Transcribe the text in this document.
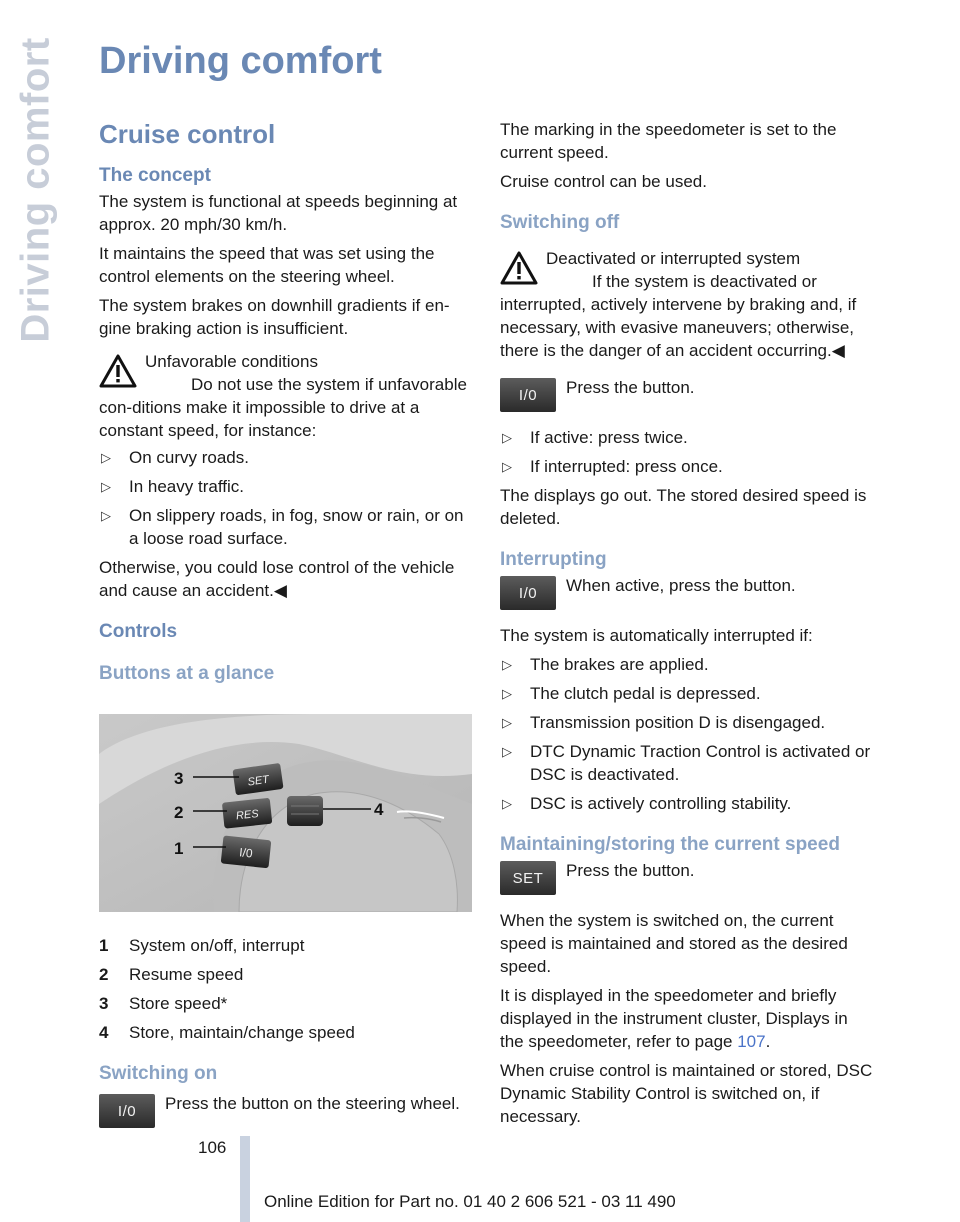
Driving comfort Driving comfort
Cruise control
The concept

The system is functional at speeds beginning at approx. 20 mph/30 km/h.

It maintains the speed that was set using the control elements on the steering wheel.

The system brakes on downhill gradients if en‐gine braking action is insufficient.

Unfavorable conditions
Do not use the system if unfavorable con‐ditions make it impossible to drive at a constant speed, for instance:
▷ On curvy roads.
▷ In heavy traffic.
▷ On slippery roads, in fog, snow or rain, or on a loose road surface.

Otherwise, you could lose control of the vehicle and cause an accident.◀

Controls
Buttons at a glance
SET
RES
I/0
3
2
1
4
1 System on/off, interrupt
2 Resume speed
3 Store speed*
4 Store, maintain/change speed
Switching on
I/0	Press the button on the steering wheel.

The marking in the speedometer is set to the current speed.

Cruise control can be used.

Switching off
Deactivated or interrupted system
If the system is deactivated or interrupted, actively intervene by braking and, if necessary, with evasive maneuvers; otherwise, there is the danger of an accident occurring.◀
I/0	Press the button.
▷ If active: press twice.
▷ If interrupted: press once.

The displays go out. The stored desired speed is deleted.

Interrupting
I/0	When active, press the button.

The system is automatically interrupted if:

▷ The brakes are applied.
▷ The clutch pedal is depressed.
▷ Transmission position D is disengaged.
▷ DTC Dynamic Traction Control is activated or DSC is deactivated.
▷ DSC is actively controlling stability.
Maintaining/storing the current speed
SET	Press the button.

When the system is switched on, the current speed is maintained and stored as the desired speed.

It is displayed in the speedometer and briefly displayed in the instrument cluster, Displays in the speedometer, refer to page 107.

When cruise control is maintained or stored, DSC Dynamic Stability Control is switched on, if necessary.

106
Online Edition for Part no. 01 40 2 606 521 - 03 11 490
